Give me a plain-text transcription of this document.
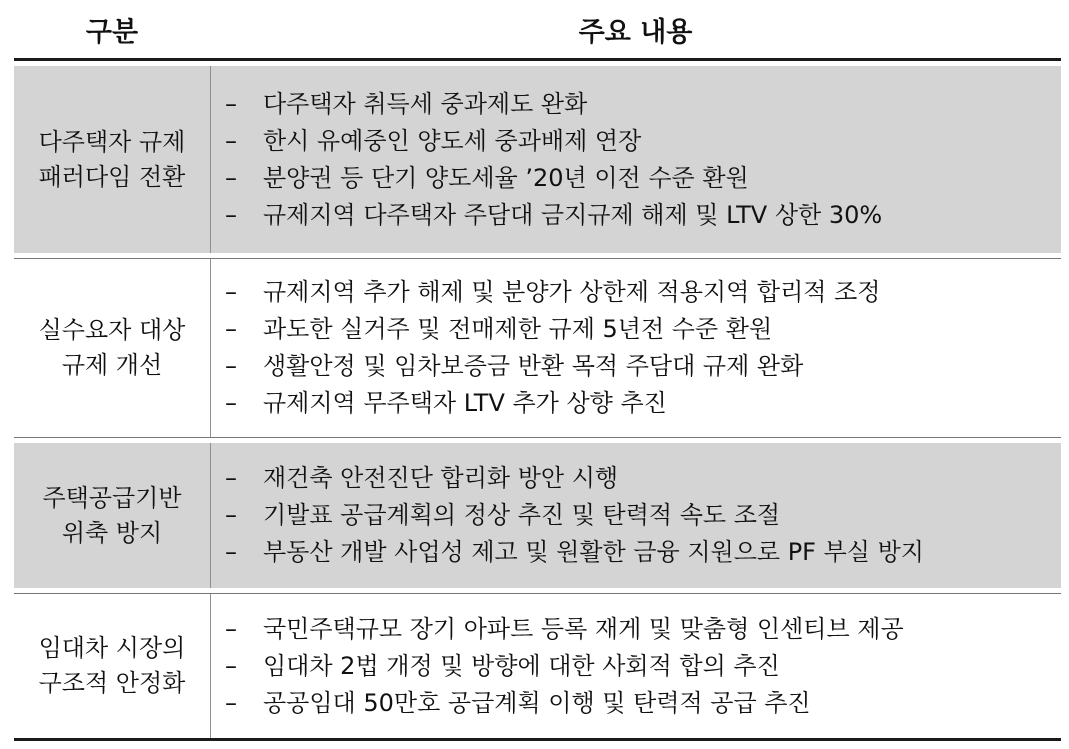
구분	주요 내용
다주택자 규제
패러다임 전환
–	다주택자 취득세 중과제도 완화
–	한시 유예중인 양도세 중과배제 연장
–	분양권 등 단기 양도세율 ’20년 이전 수준 환원
–	규제지역 다주택자 주담대 금지규제 해제 및 LTV 상한 30%
실수요자 대상
규제 개선
–	규제지역 추가 해제 및 분양가 상한제 적용지역 합리적 조정
–	과도한 실거주 및 전매제한 규제 5년전 수준 환원
–	생활안정 및 임차보증금 반환 목적 주담대 규제 완화
–	규제지역 무주택자 LTV 추가 상향 추진
주택공급기반
위축 방지
–	재건축 안전진단 합리화 방안 시행
–	기발표 공급계획의 정상 추진 및 탄력적 속도 조절
–	부동산 개발 사업성 제고 및 원활한 금융 지원으로 PF 부실 방지
임대차 시장의
구조적 안정화
–	국민주택규모 장기 아파트 등록 재게 및 맞춤형 인센티브 제공
–	임대차 2법 개정 및 방향에 대한 사회적 합의 추진
–	공공임대 50만호 공급계획 이행 및 탄력적 공급 추진
